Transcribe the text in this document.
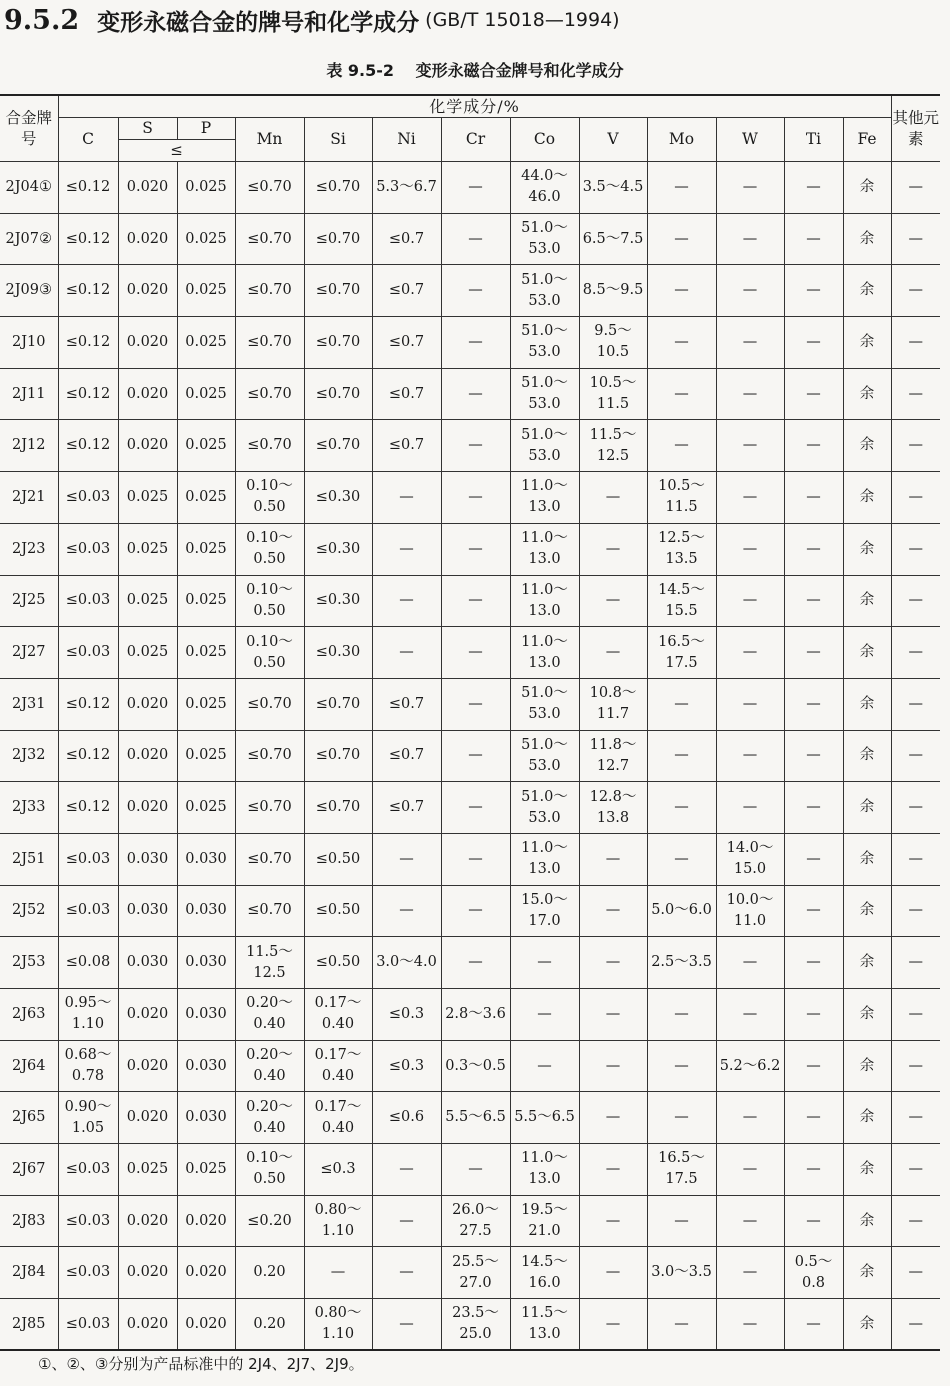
9.5.2 变形永磁合金的牌号和化学成分 (GB/T 15018—1994)
表 9.5-2 变形永磁合金牌号和化学成分
合金牌号	化学成分/%													其他元素
	C	S	P	Mn	Si	Ni	Cr	Co	V	Mo	W	Ti	Fe	
		≤												
2J04①	≤0.12	0.020	0.025	≤0.70	≤0.70	5.3～6.7	—	44.0～46.0	3.5～4.5	—	—	—	余	—
2J07②	≤0.12	0.020	0.025	≤0.70	≤0.70	≤0.7	—	51.0～53.0	6.5～7.5	—	—	—	余	—
2J09③	≤0.12	0.020	0.025	≤0.70	≤0.70	≤0.7	—	51.0～53.0	8.5～9.5	—	—	—	余	—
2J10	≤0.12	0.020	0.025	≤0.70	≤0.70	≤0.7	—	51.0～53.0	9.5～10.5	—	—	—	余	—
2J11	≤0.12	0.020	0.025	≤0.70	≤0.70	≤0.7	—	51.0～53.0	10.5～11.5	—	—	—	余	—
2J12	≤0.12	0.020	0.025	≤0.70	≤0.70	≤0.7	—	51.0～53.0	11.5～12.5	—	—	—	余	—
2J21	≤0.03	0.025	0.025	0.10～0.50	≤0.30	—	—	11.0～13.0	—	10.5～11.5	—	—	余	—
2J23	≤0.03	0.025	0.025	0.10～0.50	≤0.30	—	—	11.0～13.0	—	12.5～13.5	—	—	余	—
2J25	≤0.03	0.025	0.025	0.10～0.50	≤0.30	—	—	11.0～13.0	—	14.5～15.5	—	—	余	—
2J27	≤0.03	0.025	0.025	0.10～0.50	≤0.30	—	—	11.0～13.0	—	16.5～17.5	—	—	余	—
2J31	≤0.12	0.020	0.025	≤0.70	≤0.70	≤0.7	—	51.0～53.0	10.8～11.7	—	—	—	余	—
2J32	≤0.12	0.020	0.025	≤0.70	≤0.70	≤0.7	—	51.0～53.0	11.8～12.7	—	—	—	余	—
2J33	≤0.12	0.020	0.025	≤0.70	≤0.70	≤0.7	—	51.0～53.0	12.8～13.8	—	—	—	余	—
2J51	≤0.03	0.030	0.030	≤0.70	≤0.50	—	—	11.0～13.0	—	—	14.0～15.0	—	余	—
2J52	≤0.03	0.030	0.030	≤0.70	≤0.50	—	—	15.0～17.0	—	5.0～6.0	10.0～11.0	—	余	—
2J53	≤0.08	0.030	0.030	11.5～12.5	≤0.50	3.0～4.0	—	—	—	2.5～3.5	—	—	余	—
2J63	0.95～1.10	0.020	0.030	0.20～0.40	0.17～0.40	≤0.3	2.8～3.6	—	—	—	—	—	余	—
2J64	0.68～0.78	0.020	0.030	0.20～0.40	0.17～0.40	≤0.3	0.3～0.5	—	—	—	5.2～6.2	—	余	—
2J65	0.90～1.05	0.020	0.030	0.20～0.40	0.17～0.40	≤0.6	5.5～6.5	5.5～6.5	—	—	—	—	余	—
2J67	≤0.03	0.025	0.025	0.10～0.50	≤0.3	—	—	11.0～13.0	—	16.5～17.5	—	—	余	—
2J83	≤0.03	0.020	0.020	≤0.20	0.80～1.10	—	26.0～27.5	19.5～21.0	—	—	—	—	余	—
2J84	≤0.03	0.020	0.020	0.20	—	—	25.5～27.0	14.5～16.0	—	3.0～3.5	—	0.5～0.8	余	—
2J85	≤0.03	0.020	0.020	0.20	0.80～1.10	—	23.5～25.0	11.5～13.0	—	—	—	—	余	—
①、②、③分别为产品标准中的 2J4、2J7、2J9。
